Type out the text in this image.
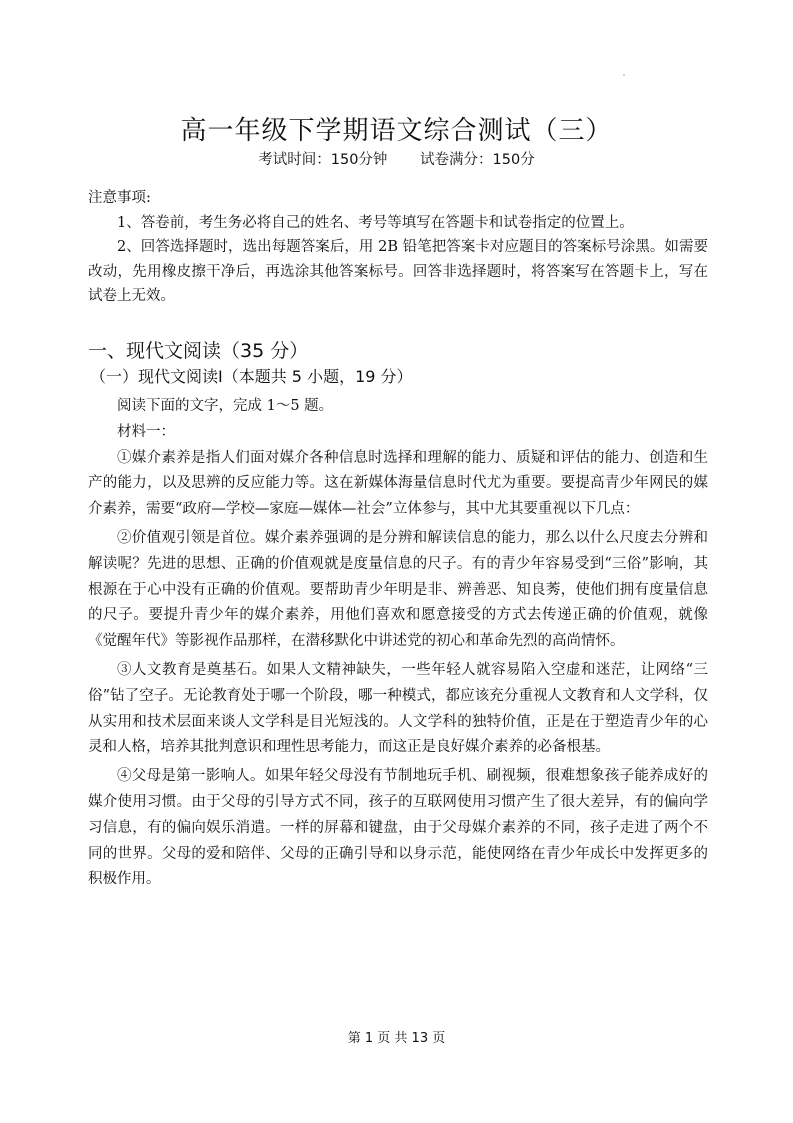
高一年级下学期语文综合测试（三）
考试时间：150分钟 试卷满分：150分

注意事项:

1、答卷前，考生务必将自己的姓名、考号等填写在答题卡和试卷指定的位置上。

2、回答选择题时，选出每题答案后，用 2B 铅笔把答案卡对应题目的答案标号涂黑。如需要改动，先用橡皮擦干净后，再选涂其他答案标号。回答非选择题时，将答案写在答题卡上，写在试卷上无效。

一、现代文阅读（35 分）
（一）现代文阅读Ⅰ（本题共 5 小题，19 分）

阅读下面的文字，完成 1～5 题。

材料一：

①媒介素养是指人们面对媒介各种信息时选择和理解的能力、质疑和评估的能力、创造和生产的能力，以及思辨的反应能力等。这在新媒体海量信息时代尤为重要。要提高青少年网民的媒介素养，需要“政府—学校—家庭—媒体—社会”立体参与，其中尤其要重视以下几点：

②价值观引领是首位。媒介素养强调的是分辨和解读信息的能力，那么以什么尺度去分辨和解读呢？先进的思想、正确的价值观就是度量信息的尺子。有的青少年容易受到“三俗”影响，其根源在于心中没有正确的价值观。要帮助青少年明是非、辨善恶、知良莠，使他们拥有度量信息的尺子。要提升青少年的媒介素养，用他们喜欢和愿意接受的方式去传递正确的价值观，就像《觉醒年代》等影视作品那样，在潜移默化中讲述党的初心和革命先烈的高尚情怀。

③人文教育是奠基石。如果人文精神缺失，一些年轻人就容易陷入空虚和迷茫，让网络“三俗”钻了空子。无论教育处于哪一个阶段，哪一种模式，都应该充分重视人文教育和人文学科，仅从实用和技术层面来谈人文学科是目光短浅的。人文学科的独特价值，正是在于塑造青少年的心灵和人格，培养其批判意识和理性思考能力，而这正是良好媒介素养的必备根基。

④父母是第一影响人。如果年轻父母没有节制地玩手机、刷视频，很难想象孩子能养成好的媒介使用习惯。由于父母的引导方式不同，孩子的互联网使用习惯产生了很大差异，有的偏向学习信息，有的偏向娱乐消遣。一样的屏幕和键盘，由于父母媒介素养的不同，孩子走进了两个不同的世界。父母的爱和陪伴、父母的正确引导和以身示范，能使网络在青少年成长中发挥更多的积极作用。

第 1 页 共 13 页
